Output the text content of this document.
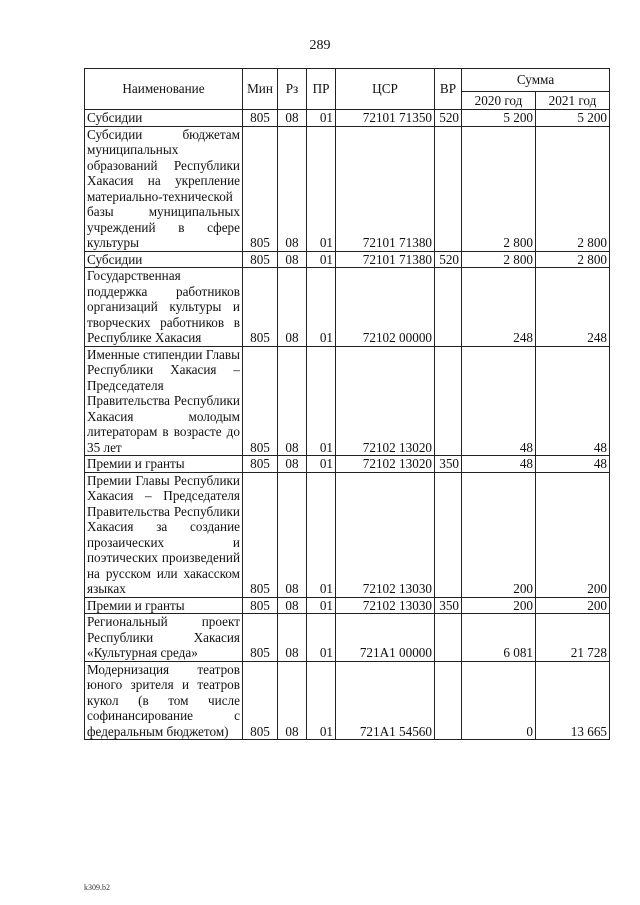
289
Наименование	Мин	Рз	ПР	ЦСР	ВР	Сумма	
						2020 год	2021 год
Субсидии	805	08	01	72101 71350	520	5 200	5 200
Субсидии бюджетам муниципальных образований Республики Хакасия на укрепление материально-технической базы муниципальных учреждений в сфере культуры	805	08	01	72101 71380		2 800	2 800
Субсидии	805	08	01	72101 71380	520	2 800	2 800
Государственная поддержка работников организаций культуры и творческих работников в Республике Хакасия	805	08	01	72102 00000		248	248
Именные стипендии Главы Республики Хакасия – Председателя Правительства Республики Хакасия молодым литераторам в возрасте до 35 лет	805	08	01	72102 13020		48	48
Премии и гранты	805	08	01	72102 13020	350	48	48
Премии Главы Республики Хакасия – Председателя Правительства Республики Хакасия за создание прозаических и поэтических произведений на русском или хакасском языках	805	08	01	72102 13030		200	200
Премии и гранты	805	08	01	72102 13030	350	200	200
Региональный проект Республики Хакасия «Культурная среда»	805	08	01	721A1 00000		6 081	21 728
Модернизация театров юного зрителя и театров кукол (в том числе софинансирование с федеральным бюджетом)	805	08	01	721A1 54560		0	13 665
k309.b2
